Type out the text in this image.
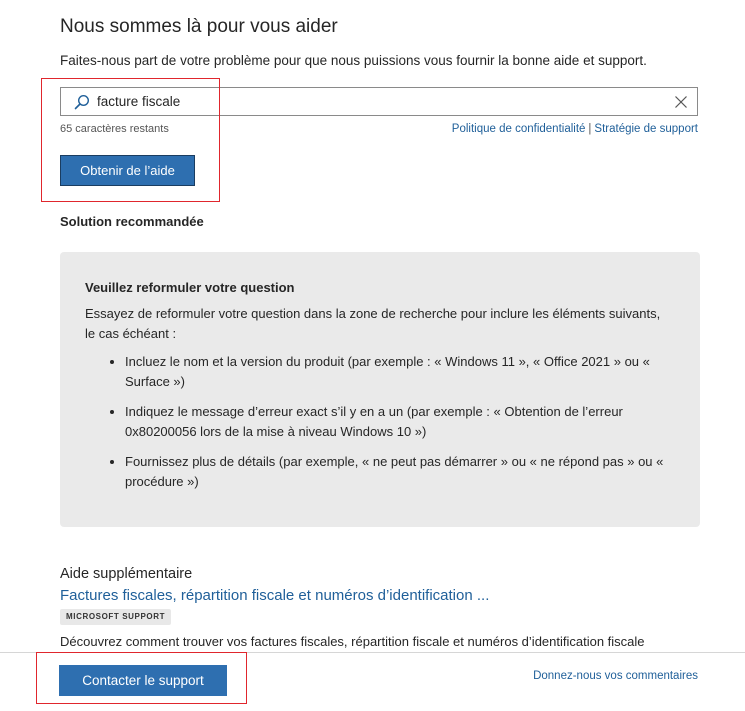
Nous sommes là pour vous aider
Faites-nous part de votre problème pour que nous puissions vous fournir la bonne aide et support.
facture fiscale
65 caractères restants	Politique de confidentialité | Stratégie de support
Obtenir de l’aide
Solution recommandée
Veuillez reformuler votre question
Essayez de reformuler votre question dans la zone de recherche pour inclure les éléments suivants, le cas échéant :
• Incluez le nom et la version du produit (par exemple : « Windows 11 », « Office 2021 » ou « Surface »)
• Indiquez le message d’erreur exact s’il y en a un (par exemple : « Obtention de l’erreur 0x80200056 lors de la mise à niveau Windows 10 »)
• Fournissez plus de détails (par exemple, « ne peut pas démarrer » ou « ne répond pas » ou « procédure »)
Aide supplémentaire
Factures fiscales, répartition fiscale et numéros d’identification ...
MICROSOFT SUPPORT
Découvrez comment trouver vos factures fiscales, répartition fiscale et numéros d’identification fiscale
Contacter le support	Donnez-nous vos commentaires
